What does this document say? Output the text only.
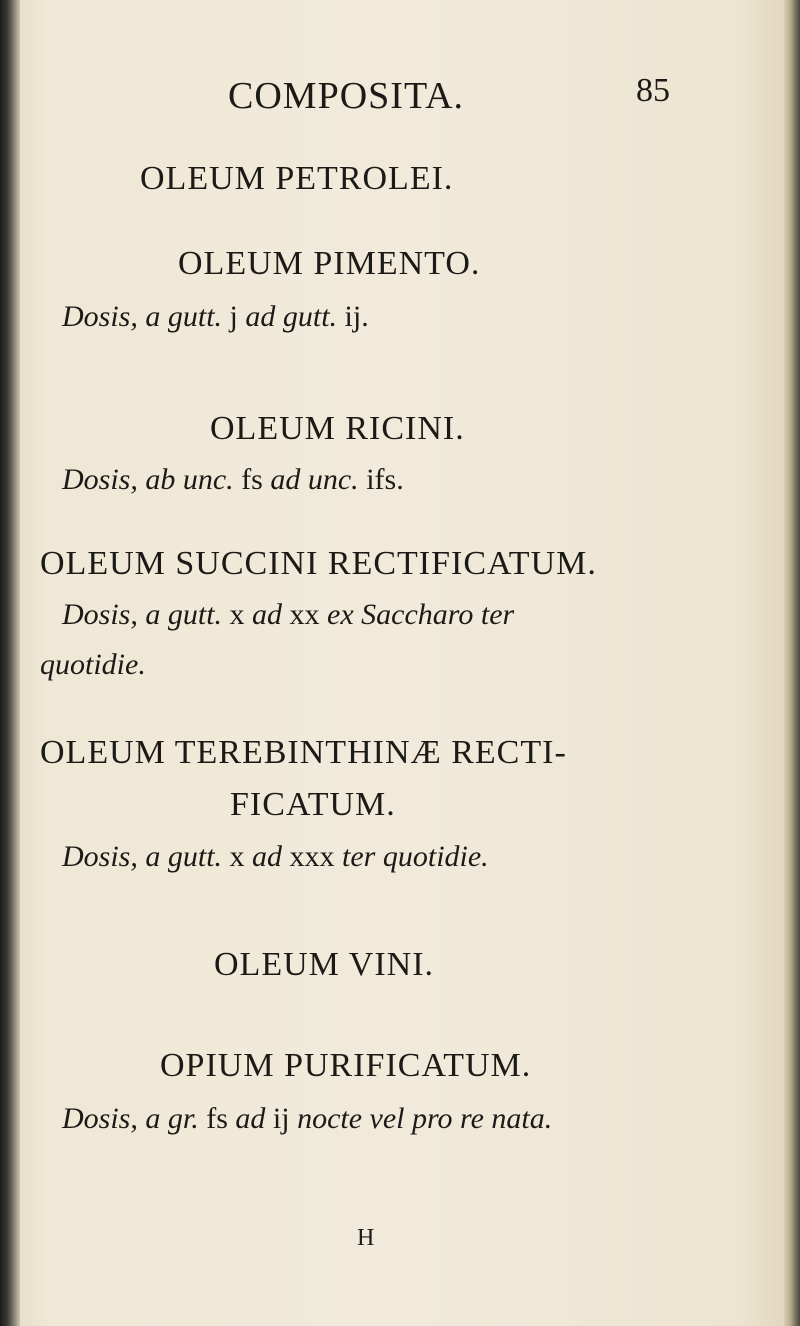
COMPOSITA.	85

OLEUM PETROLEI.

OLEUM PIMENTO.

Dosis, a gutt. j ad gutt. ij.

OLEUM RICINI.

Dosis, ab unc. fs ad unc. ifs.

OLEUM SUCCINI RECTIFICATUM.

Dosis, a gutt. x ad xx ex Saccharo ter

quotidie.

OLEUM TEREBINTHINÆ RECTI-

FICATUM.

Dosis, a gutt. x ad xxx ter quotidie.

OLEUM VINI.

OPIUM PURIFICATUM.

Dosis, a gr. fs ad ij nocte vel pro re nata.

H
